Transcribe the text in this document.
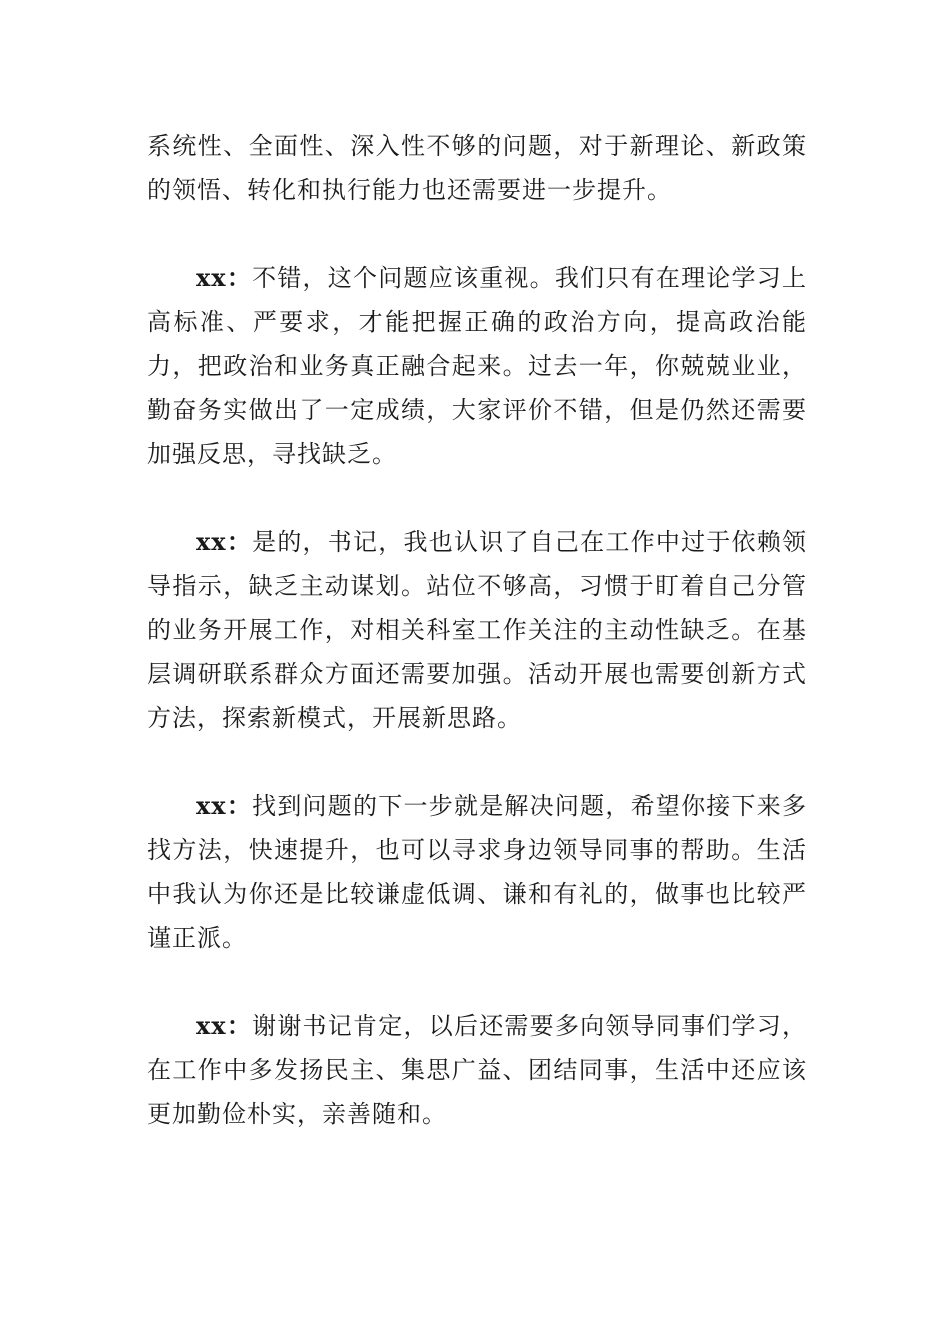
系统性、全面性、深入性不够的问题，对于新理论、新政策的领悟、转化和执行能力也还需要进一步提升。

xx：不错，这个问题应该重视。我们只有在理论学习上高标准、严要求，才能把握正确的政治方向，提高政治能力，把政治和业务真正融合起来。过去一年，你兢兢业业，勤奋务实做出了一定成绩，大家评价不错，但是仍然还需要加强反思，寻找缺乏。

xx：是的，书记，我也认识了自己在工作中过于依赖领导指示，缺乏主动谋划。站位不够高，习惯于盯着自己分管的业务开展工作，对相关科室工作关注的主动性缺乏。在基层调研联系群众方面还需要加强。活动开展也需要创新方式方法，探索新模式，开展新思路。

xx：找到问题的下一步就是解决问题，希望你接下来多找方法，快速提升，也可以寻求身边领导同事的帮助。生活中我认为你还是比较谦虚低调、谦和有礼的，做事也比较严谨正派。

xx：谢谢书记肯定，以后还需要多向领导同事们学习，在工作中多发扬民主、集思广益、团结同事，生活中还应该更加勤俭朴实，亲善随和。
